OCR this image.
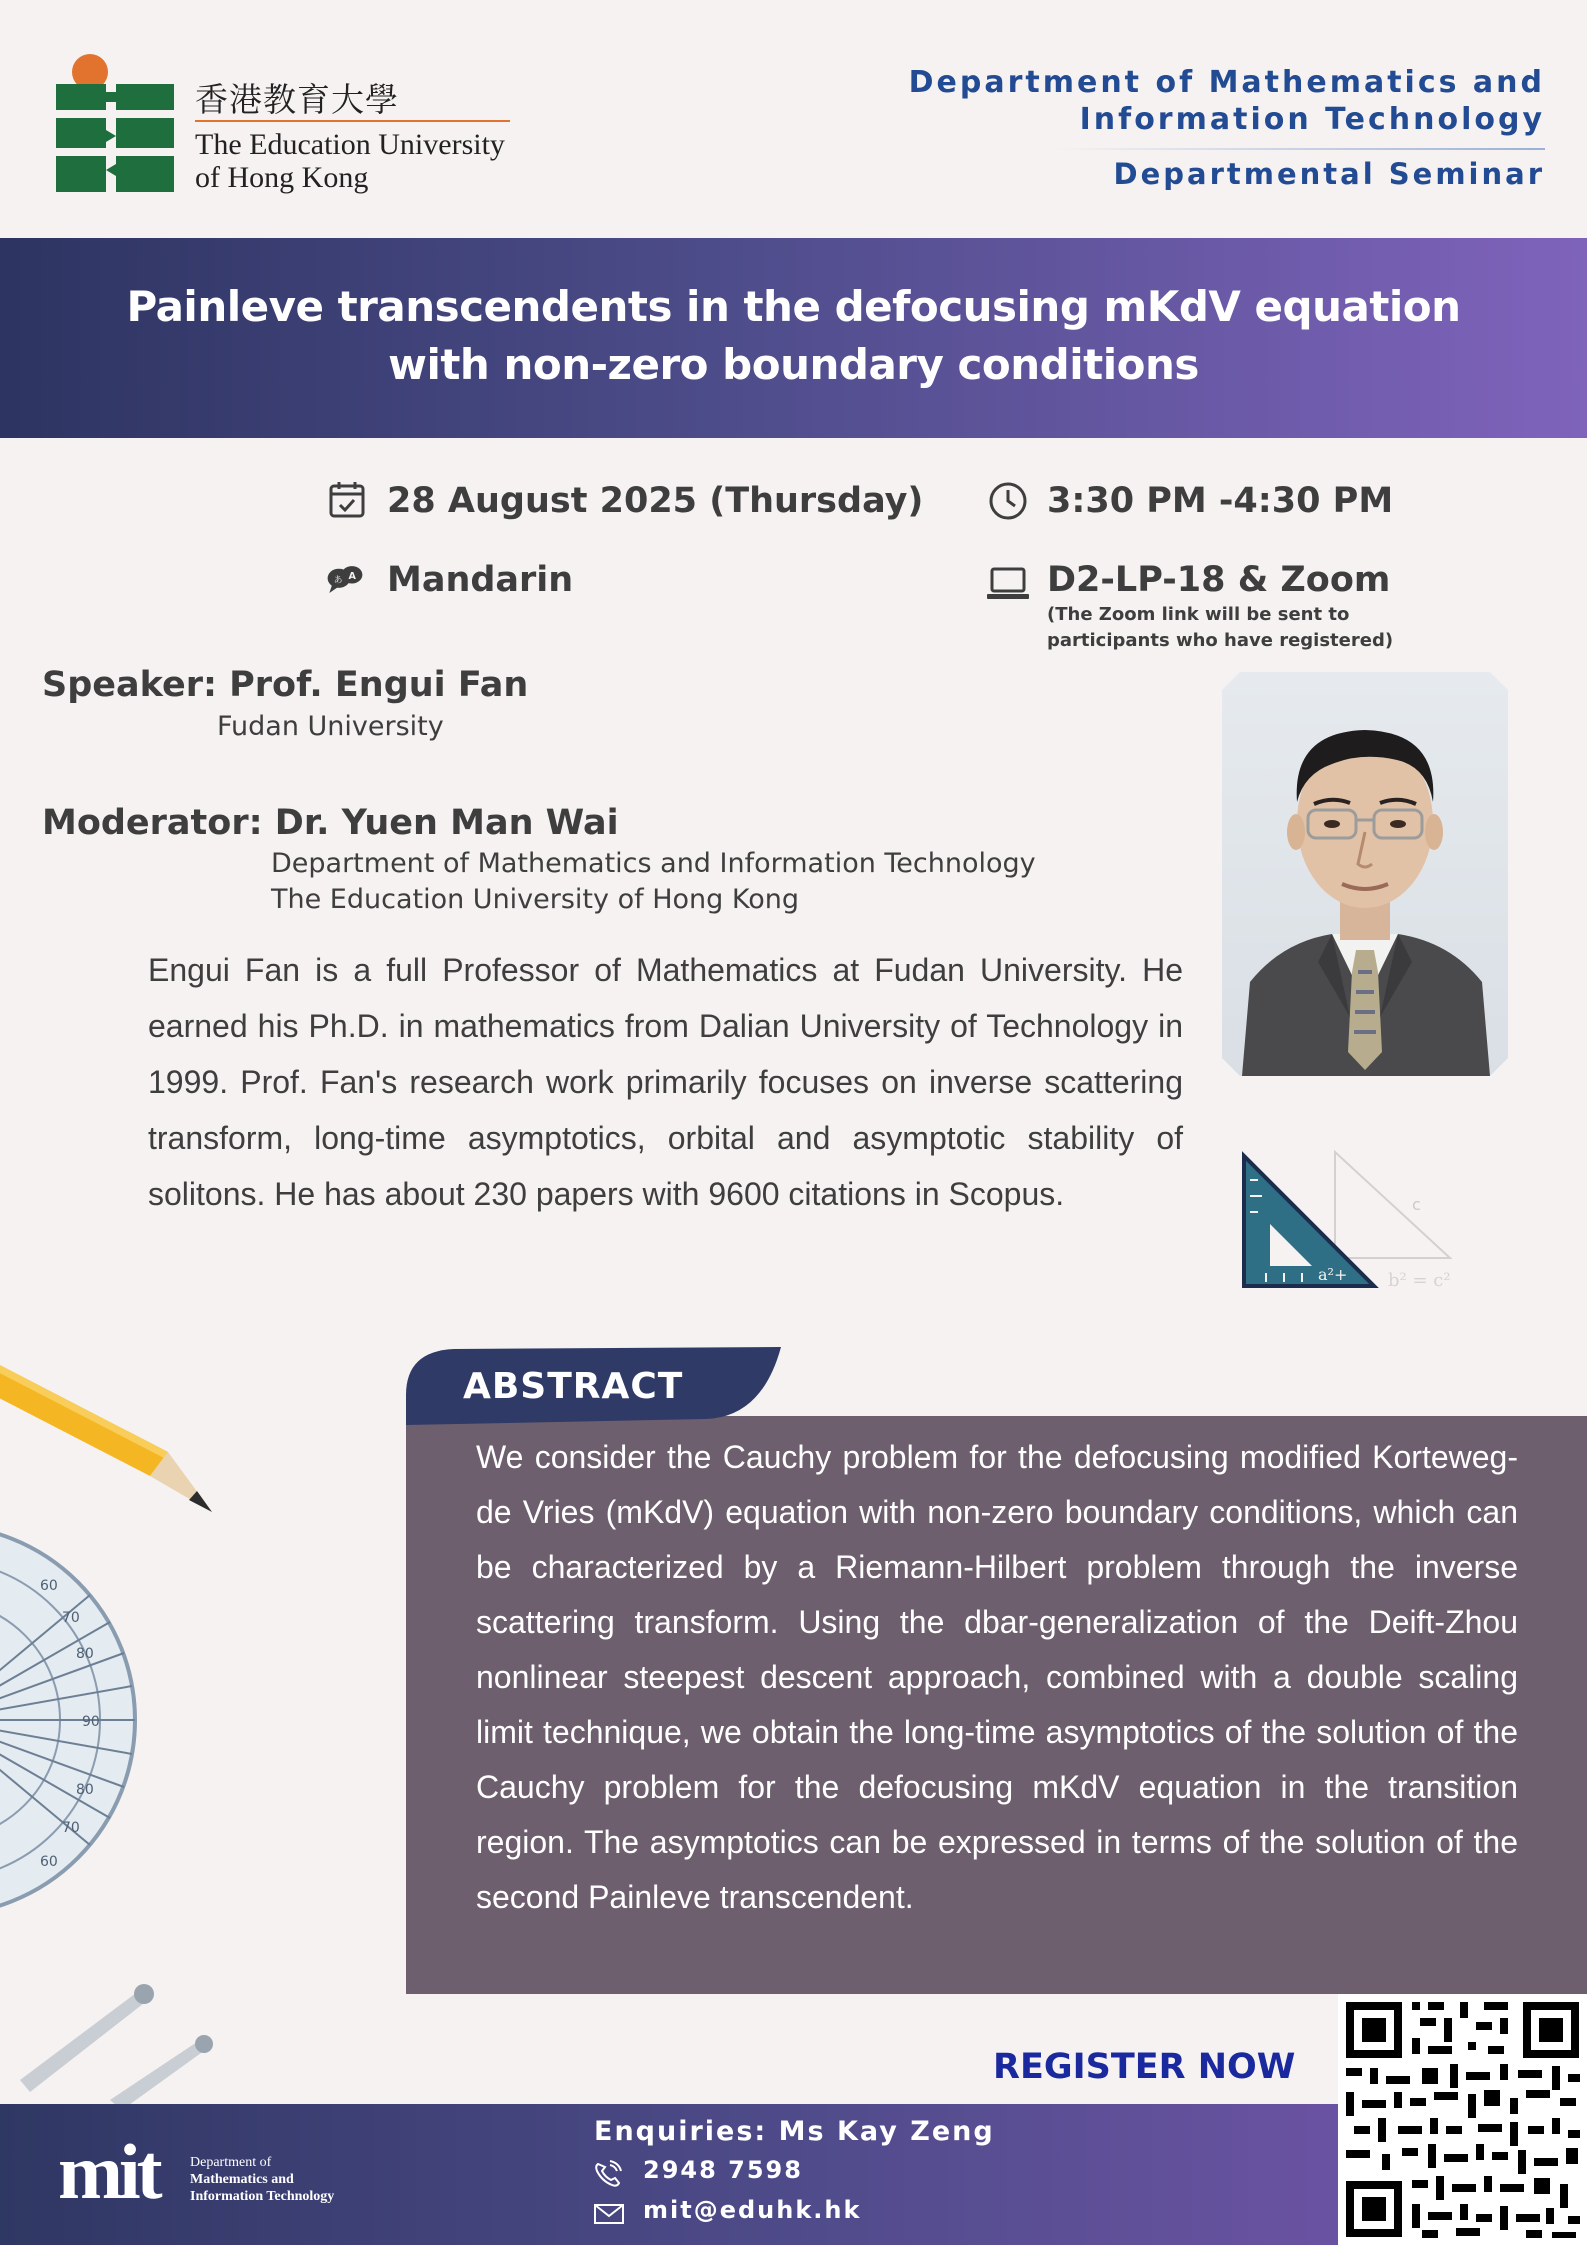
香港教育大學
The Education University
of Hong Kong
Department of Mathematics and
Information Technology
Departmental Seminar
Painleve transcendents in the defocusing mKdV equation
with non-zero boundary conditions
28 August 2025 (Thursday)	3:30 PM -4:30 PM
あ A Mandarin	D2-LP-18 & Zoom
(The Zoom link will be sent to
participants who have registered)
Speaker: Prof. Engui Fan
Fudan University
Moderator: Dr. Yuen Man Wai
Department of Mathematics and Information Technology
The Education University of Hong Kong
Engui Fan is a full Professor of Mathematics at Fudan University. He earned his Ph.D. in mathematics from Dalian University of Technology in 1999. Prof. Fan's research work primarily focuses on inverse scattering transform, long-time asymptotics, orbital and asymptotic stability of solitons. He has about 230 papers with 9600 citations in Scopus.	c
b² = c²
a²+
60
70
80
90
80
70
60
ABSTRACT
We consider the Cauchy problem for the defocusing modified Korteweg-de Vries (mKdV) equation with non-zero boundary conditions, which can be characterized by a Riemann-Hilbert problem through the inverse scattering transform. Using the dbar-generalization of the Deift-Zhou nonlinear steepest descent approach, combined with a double scaling limit technique, we obtain the long-time asymptotics of the solution of the Cauchy problem for the defocusing mKdV equation in the transition region. The asymptotics can be expressed in terms of the solution of the second Painleve transcendent.
REGISTER NOW
mit Department of
Mathematics and
Information Technology
Enquiries: Ms Kay Zeng
2948 7598
mit@eduhk.hk
